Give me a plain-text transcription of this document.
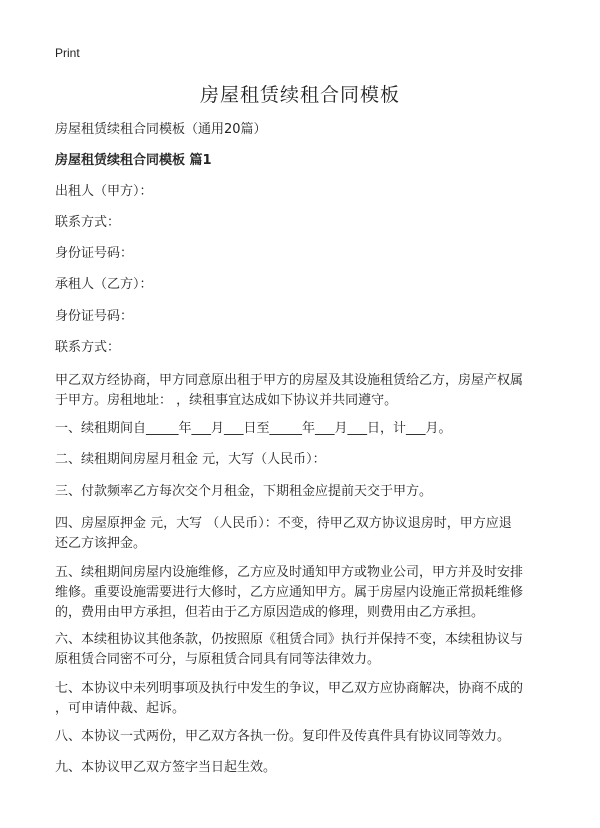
Print
房屋租赁续租合同模板

房屋租赁续租合同模板（通用20篇）

房屋租赁续租合同模板 篇1

出租人（甲方）：

联系方式：

身份证号码：

承租人（乙方）：

身份证号码：

联系方式：

甲乙双方经协商，甲方同意原出租于甲方的房屋及其设施租赁给乙方，房屋产权属
于甲方。房租地址： ，续租事宜达成如下协议并共同遵守。

一、续租期间自_____年___月___日至_____年___月___日，计___月。

二、续租期间房屋月租金 元，大写（人民币）：

三、付款频率乙方每次交个月租金，下期租金应提前天交于甲方。

四、房屋原押金 元，大写 （人民币）：不变，待甲乙双方协议退房时，甲方应退
还乙方该押金。
五、续租期间房屋内设施维修，乙方应及时通知甲方或物业公司，甲方并及时安排
维修。重要设施需要进行大修时，乙方应通知甲方。属于房屋内设施正常损耗维修
的，费用由甲方承担，但若由于乙方原因造成的修理，则费用由乙方承担。
六、本续租协议其他条款，仍按照原《租赁合同》执行并保持不变，本续租协议与
原租赁合同密不可分，与原租赁合同具有同等法律效力。
七、本协议中未列明事项及执行中发生的争议，甲乙双方应协商解决，协商不成的
，可申请仲裁、起诉。

八、本协议一式两份，甲乙双方各执一份。复印件及传真件具有协议同等效力。

九、本协议甲乙双方签字当日起生效。
